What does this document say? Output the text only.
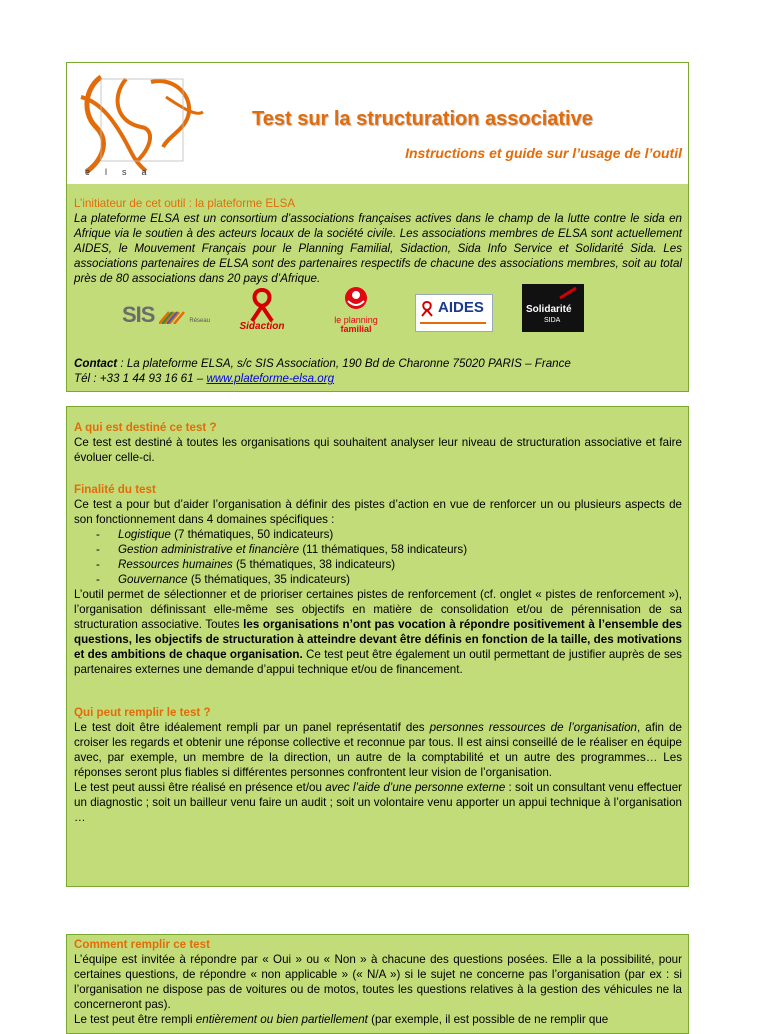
elsa
Test sur la structuration associative
Instructions et guide sur l’usage de l’outil
L’initiateur de cet outil : la plateforme ELSA
La plateforme ELSA est un consortium d’associations françaises actives dans le champ de la lutte contre le sida en Afrique via le soutien à des acteurs locaux de la société civile. Les associations membres de ELSA sont actuellement AIDES, le Mouvement Français pour le Planning Familial, Sidaction, Sida Info Service et Solidarité Sida. Les associations partenaires de ELSA sont des partenaires respectifs de chacune des associations membres, soit au total près de 80 associations dans 20 pays d’Afrique.
SIS	Réseau	Sidaction
le planning
familial
AIDES	Solidarité
SIDA
Contact : La plateforme ELSA, s/c SIS Association, 190 Bd de Charonne 75020 PARIS – France
Tél : +33 1 44 93 16 61 – www.plateforme-elsa.org
A qui est destiné ce test ?
Ce test est destiné à toutes les organisations qui souhaitent analyser leur niveau de structuration associative et faire évoluer celle-ci.
Finalité du test
Ce test a pour but d’aider l’organisation à définir des pistes d’action en vue de renforcer un ou plusieurs aspects de son fonctionnement dans 4 domaines spécifiques :
- Logistique (7 thématiques, 50 indicateurs)
- Gestion administrative et financière (11 thématiques, 58 indicateurs)
- Ressources humaines (5 thématiques, 38 indicateurs)
- Gouvernance (5 thématiques, 35 indicateurs)
L’outil permet de sélectionner et de prioriser certaines pistes de renforcement (cf. onglet « pistes de renforcement »), l’organisation définissant elle-même ses objectifs en matière de consolidation et/ou de pérennisation de sa structuration associative. Toutes les organisations n’ont pas vocation à répondre positivement à l’ensemble des questions, les objectifs de structuration à atteindre devant être définis en fonction de la taille, des motivations et des ambitions de chaque organisation. Ce test peut être également un outil permettant de justifier auprès de ses partenaires externes une demande d’appui technique et/ou de financement.
Qui peut remplir le test ?
Le test doit être idéalement rempli par un panel représentatif des personnes ressources de l’organisation, afin de croiser les regards et obtenir une réponse collective et reconnue par tous. Il est ainsi conseillé de le réaliser en équipe avec, par exemple, un membre de la direction, un autre de la comptabilité et un autre des programmes… Les réponses seront plus fiables si différentes personnes confrontent leur vision de l’organisation.
Le test peut aussi être réalisé en présence et/ou avec l’aide d’une personne externe : soit un consultant venu effectuer un diagnostic ; soit un bailleur venu faire un audit ; soit un volontaire venu apporter un appui technique à l’organisation …
Comment remplir ce test
L’équipe est invitée à répondre par « Oui » ou « Non » à chacune des questions posées. Elle a la possibilité, pour certaines questions, de répondre « non applicable » (« N/A ») si le sujet ne concerne pas l’organisation (par ex : si l’organisation ne dispose pas de voitures ou de motos, toutes les questions relatives à la gestion des véhicules ne la concerneront pas).
Le test peut être rempli entièrement ou bien partiellement (par exemple, il est possible de ne remplir que
